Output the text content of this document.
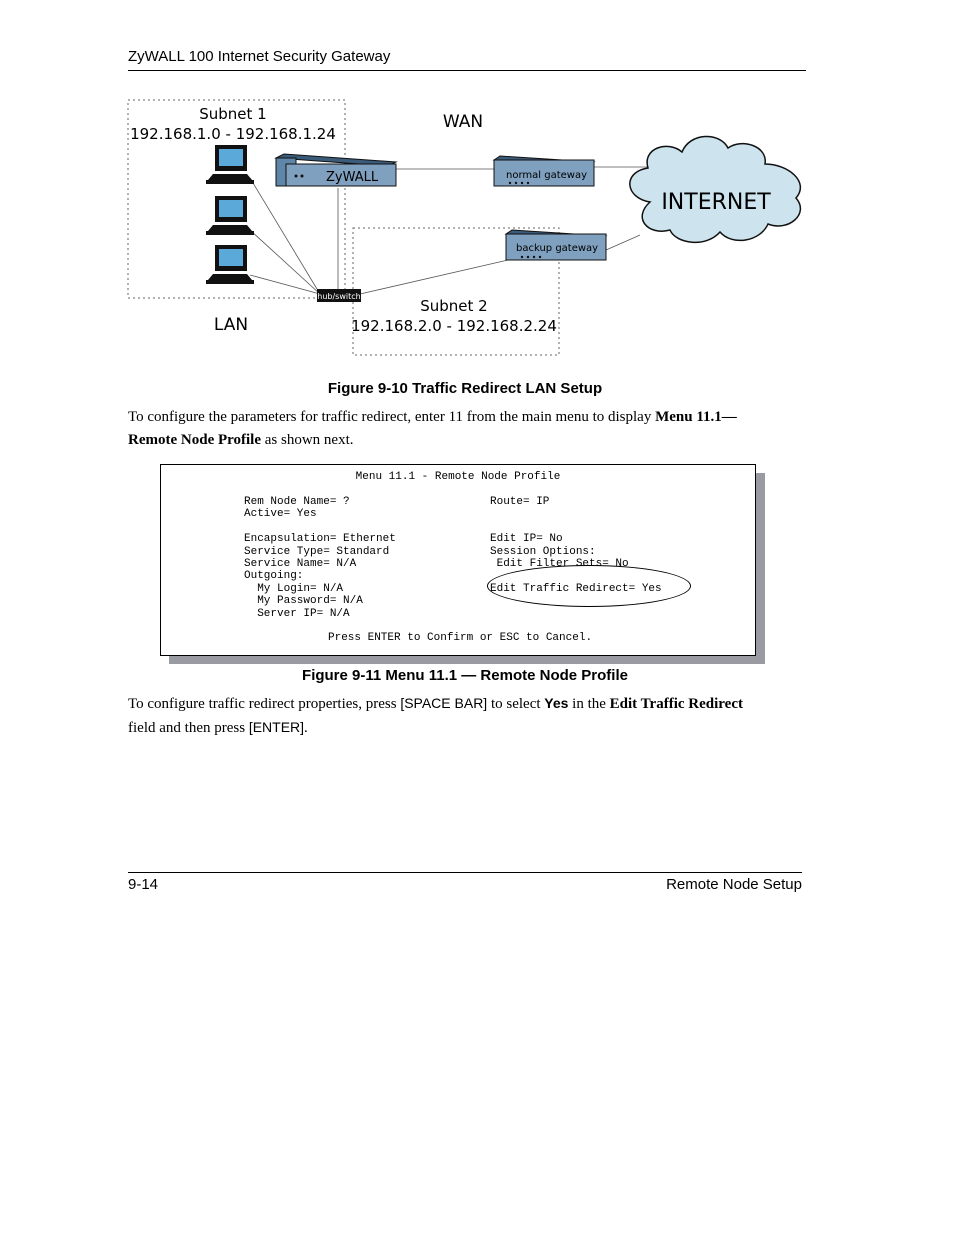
ZyWALL 100 Internet Security Gateway
Subnet 1
192.168.1.0 - 192.168.1.24
WAN
LAN
Subnet 2
192.168.2.0 - 192.168.2.24
ZyWALL	normal gateway
backup gateway
hub/switch
INTERNET
Figure 9-10 Traffic Redirect LAN Setup
To configure the parameters for traffic redirect, enter 11 from the main menu to display Menu 11.1—
Remote Node Profile as shown next.
Menu 11.1 - Remote Node Profile
Press ENTER to Confirm or ESC to Cancel.
Rem Node Name= ?
Active= Yes
Encapsulation= Ethernet
Service Type= Standard
Service Name= N/A
Outgoing:
My Login= N/A
My Password= N/A
Server IP= N/A
Route= IP
Edit IP= No
Session Options:
Edit Filter Sets= No
Edit Traffic Redirect= Yes
Figure 9-11 Menu 11.1 — Remote Node Profile
To configure traffic redirect properties, press [SPACE BAR] to select Yes in the Edit Traffic Redirect
field and then press [ENTER].
9-14	Remote Node Setup
